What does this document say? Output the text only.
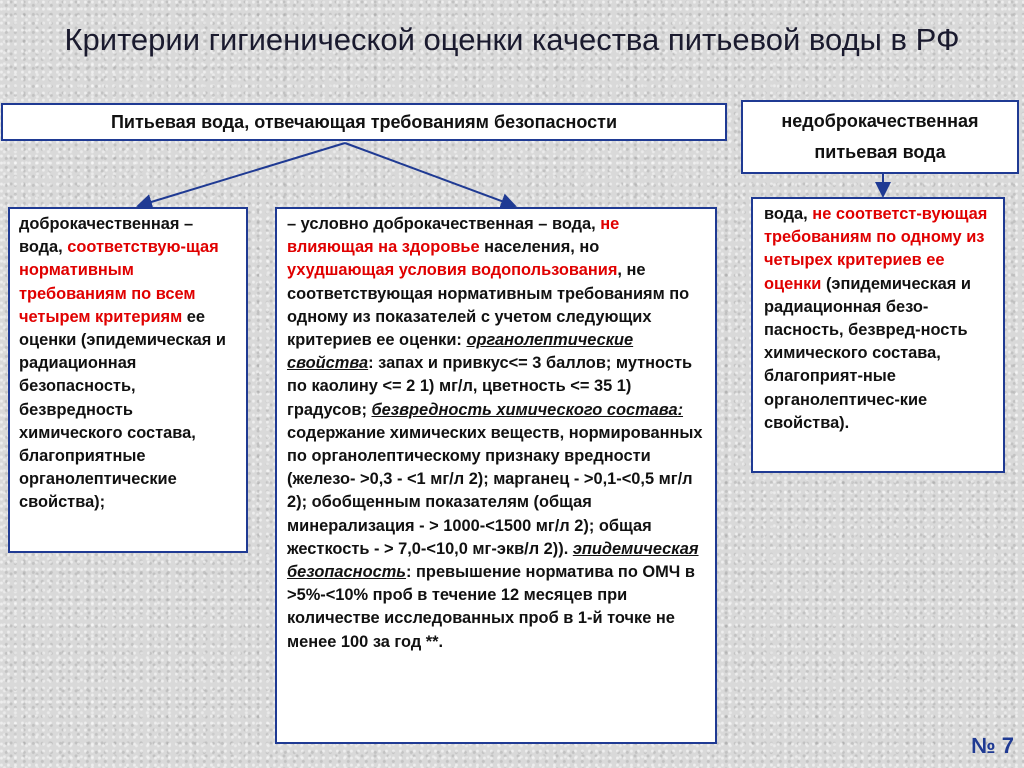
Критерии гигиенической оценки качества питьевой воды в РФ
Питьевая вода, отвечающая требованиям безопасности	недоброкачественная
питьевая вода
доброкачественная – вода, соответствую-щая нормативным требованиям по всем четырем критериям ее оценки (эпидемическая и радиационная безопасность, безвредность химического состава, благоприятные органолептические свойства);
– условно доброкачественная – вода, не влияющая на здоровье населения, но ухудшающая условия водопользования, не соответствующая нормативным требованиям по одному из показателей с учетом следующих критериев ее оценки: органолептические свойства: запах и привкус<= 3 баллов; мутность по каолину <= 2 1) мг/л, цветность <= 35 1) градусов; безвредность химического состава: содержание химических веществ, нормированных по органолептическому признаку вредности (железо- >0,3 - <1 мг/л 2); марганец - >0,1-<0,5 мг/л 2); обобщенным показателям (общая минерализация - > 1000-<1500 мг/л 2); общая жесткость - > 7,0-<10,0 мг-экв/л 2)). эпидемическая безопасность: превышение норматива по ОМЧ в >5%-<10% проб в течение 12 месяцев при количестве исследованных проб в 1-й точке не менее 100 за год **.
вода, не соответст-вующая требованиям по одному из четырех критериев ее оценки (эпидемическая и радиационная безо-пасность, безвред-ность химического состава, благоприят-ные органолептичес-кие свойства).
№ 7
